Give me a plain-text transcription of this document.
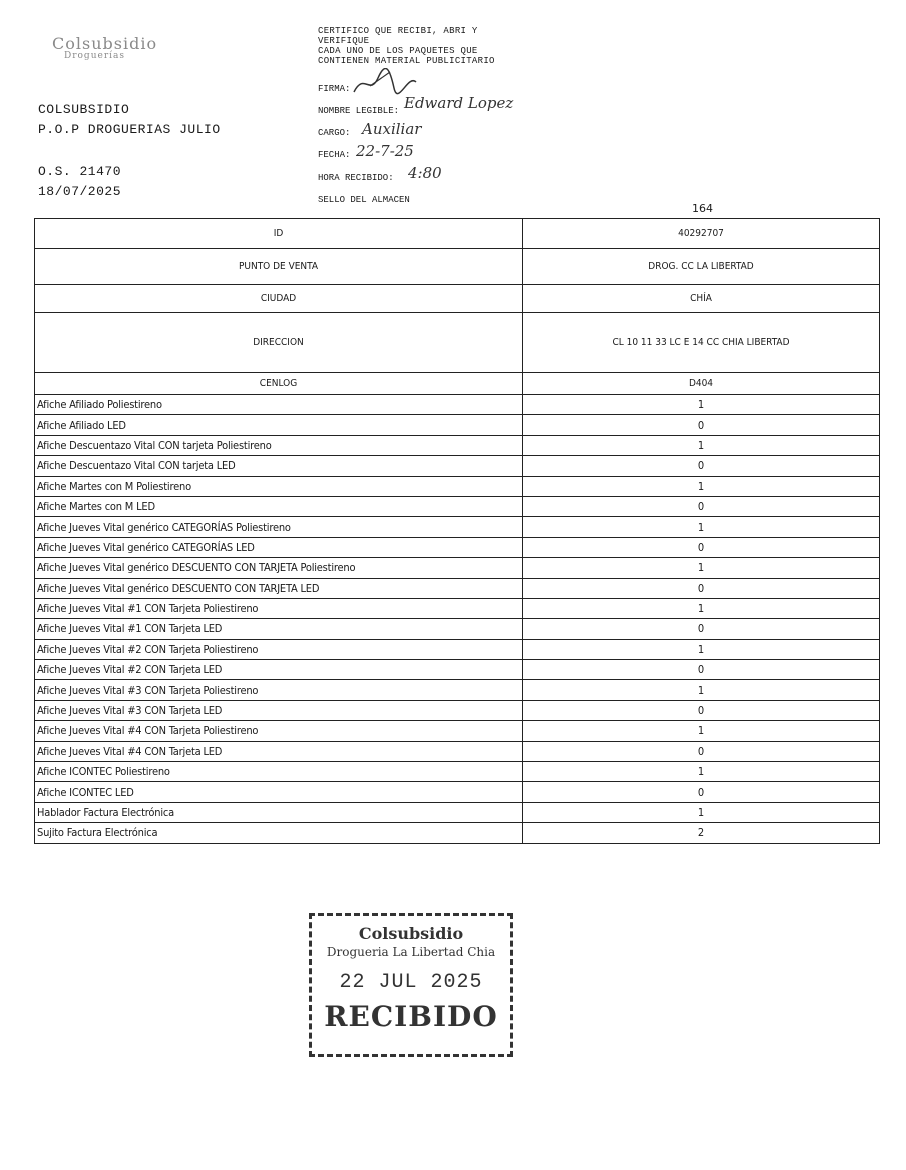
Colsubsidio
Droguerías
COLSUBSIDIO
P.O.P DROGUERIAS JULIO
O.S. 21470
18/07/2025
CERTIFICO QUE RECIBI, ABRI Y
VERIFIQUE
CADA UNO DE LOS PAQUETES QUE
CONTIENEN MATERIAL PUBLICITARIO
FIRMA:
NOMBRE LEGIBLE: Edward Lopez
CARGO: Auxiliar
FECHA: 22-7-25
HORA RECIBIDO: 4:80
SELLO DEL ALMACEN
164
ID	40292707
PUNTO DE VENTA	DROG. CC LA LIBERTAD
CIUDAD	CHÍA
DIRECCION	CL 10 11 33 LC E 14 CC CHIA LIBERTAD
CENLOG	D404
Afiche Afiliado Poliestireno	1
Afiche Afiliado LED	0
Afiche Descuentazo Vital CON tarjeta Poliestireno	1
Afiche Descuentazo Vital CON tarjeta LED	0
Afiche Martes con M Poliestireno	1
Afiche Martes con M LED	0
Afiche Jueves Vital genérico CATEGORÍAS Poliestireno	1
Afiche Jueves Vital genérico CATEGORÍAS LED	0
Afiche Jueves Vital genérico DESCUENTO CON TARJETA Poliestireno	1
Afiche Jueves Vital genérico DESCUENTO CON TARJETA LED	0
Afiche Jueves Vital #1 CON Tarjeta Poliestireno	1
Afiche Jueves Vital #1 CON Tarjeta LED	0
Afiche Jueves Vital #2 CON Tarjeta Poliestireno	1
Afiche Jueves Vital #2 CON Tarjeta LED	0
Afiche Jueves Vital #3 CON Tarjeta Poliestireno	1
Afiche Jueves Vital #3 CON Tarjeta LED	0
Afiche Jueves Vital #4 CON Tarjeta Poliestireno	1
Afiche Jueves Vital #4 CON Tarjeta LED	0
Afiche ICONTEC Poliestireno	1
Afiche ICONTEC LED	0
Hablador Factura Electrónica	1
Sujito Factura Electrónica	2
Colsubsidio
Drogueria La Libertad Chia
22 JUL 2025
RECIBIDO
